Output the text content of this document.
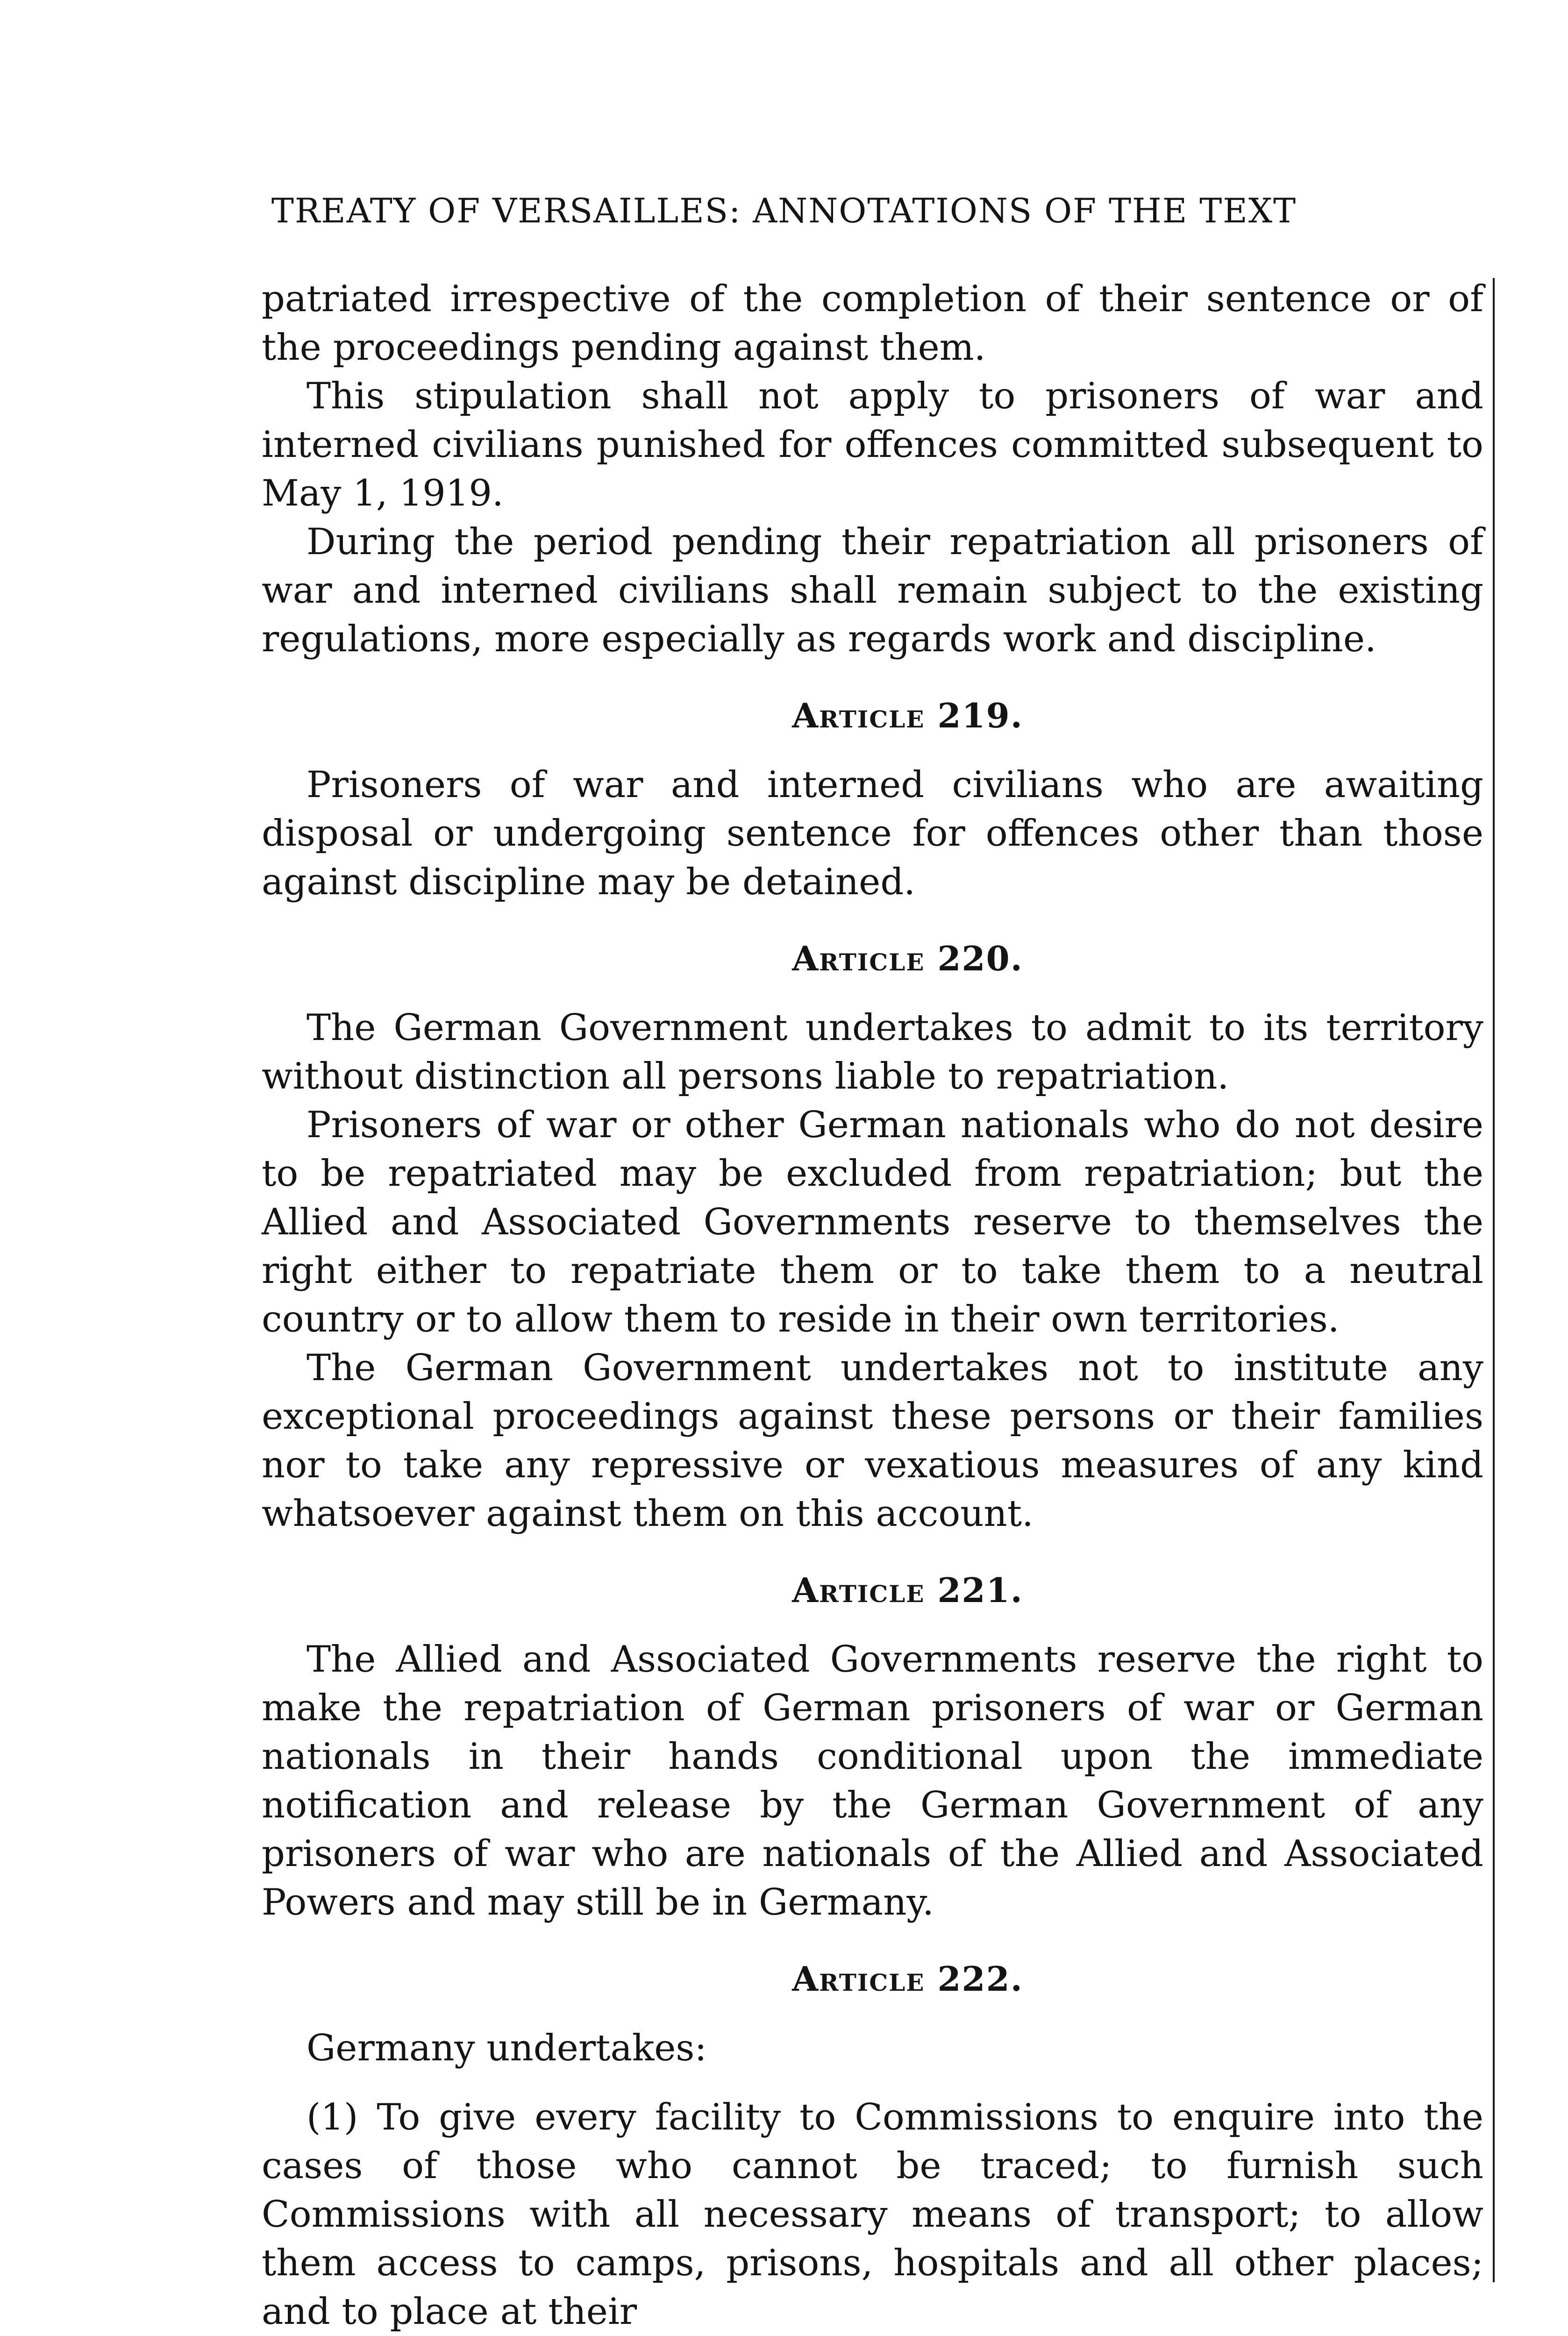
TREATY OF VERSAILLES: ANNOTATIONS OF THE TEXT

patriated irrespective of the completion of their sentence or of the proceedings pending against them.

This stipulation shall not apply to prisoners of war and interned civilians punished for offences committed subsequent to May 1, 1919.

During the period pending their repatriation all prisoners of war and interned civilians shall remain subject to the existing regulations, more especially as regards work and discipline.

Article 219.

Prisoners of war and interned civilians who are awaiting disposal or undergoing sentence for offences other than those against discipline may be detained.

Article 220.

The German Government undertakes to admit to its territory without distinction all persons liable to repatriation.

Prisoners of war or other German nationals who do not desire to be repatriated may be excluded from repatriation; but the Allied and Associated Governments reserve to themselves the right either to repatriate them or to take them to a neutral country or to allow them to reside in their own territories.

The German Government undertakes not to institute any exceptional proceedings against these persons or their families nor to take any repressive or vexatious measures of any kind whatsoever against them on this account.

Article 221.

The Allied and Associated Governments reserve the right to make the repatriation of German prisoners of war or German nationals in their hands conditional upon the immediate notification and release by the German Government of any prisoners of war who are nationals of the Allied and Associated Powers and may still be in Germany.

Article 222.

Germany undertakes:

(1) To give every facility to Commissions to enquire into the cases of those who cannot be traced; to furnish such Commissions with all necessary means of transport; to allow them access to camps, prisons, hospitals and all other places; and to place at their
